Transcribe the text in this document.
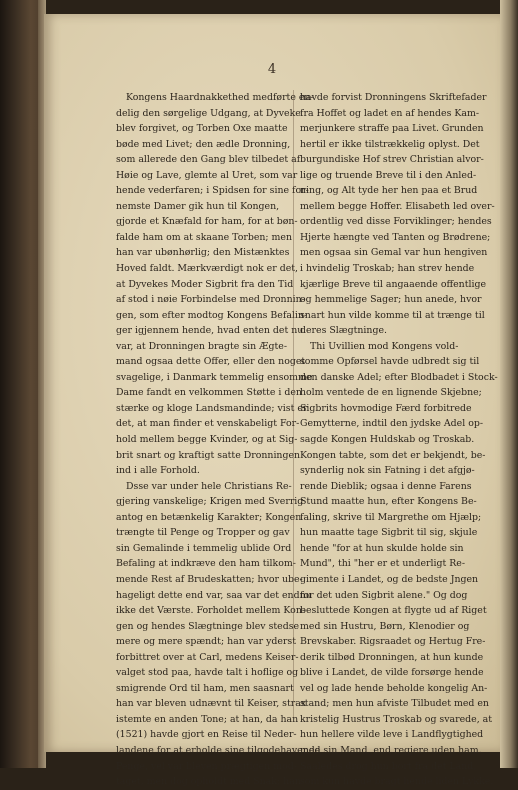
4
Kongens Haardnakkethed medførte en-
delig den sørgelige Udgang, at Dyveke
blev forgivet, og Torben Oxe maatte
bøde med Livet; den ædle Dronning,
som allerede den Gang blev tilbedet af
Høie og Lave, glemte al Uret, som var
hende vederfaren; i Spidsen for sine for-
nemste Damer gik hun til Kongen,
gjorde et Knæfald for ham, for at bøn-
falde ham om at skaane Torben; men
han var ubønhørlig; den Mistænktes
Hoved faldt. Mærkværdigt nok er det,
at Dyvekes Moder Sigbrit fra den Tid
af stod i nøie Forbindelse med Dronnin-
gen, som efter modtog Kongens Befalin-
ger igjennem hende, hvad enten det nu
var, at Dronningen bragte sin Ægte-
mand ogsaa dette Offer, eller den noget
svagelige, i Danmark temmelig ensomme
Dame fandt en velkommen Støtte i den
stærke og kloge Landsmandinde; vist er
det, at man finder et venskabeligt For-
hold mellem begge Kvinder, og at Sig-
brit snart og kraftigt satte Dronningen
ind i alle Forhold.
Dsse var under hele Christians Re-
gjering vanskelige; Krigen med Sverrig
antog en betænkelig Karakter; Kongen
trængte til Penge og Tropper og gav
sin Gemalinde i temmelig ublide Ord
Befaling at indkræve den ham tilkom-
mende Rest af Brudeskatten; hvor ube-
hageligt dette end var, saa var det endnu
ikke det Værste. Forholdet mellem Kon-
gen og hendes Slægtninge blev stedse
mere og mere spændt; han var yderst
forbittret over at Carl, medens Keiser-
valget stod paa, havde talt i hoflige og
smigrende Ord til ham, men saasnart
han var bleven udnævnt til Keiser, strax
istemte en anden Tone; at han, da han
(1521) havde gjort en Reise til Neder-
landene for at erholde sine tilgodehavende
Penge, vel var bleven prægtigen mod-
taget, men dog opholdt med Snak; han
havde forvist Dronningens Skriftefader
fra Hoffet og ladet en af hendes Kam-
merjunkere straffe paa Livet. Grunden
hertil er ikke tilstrækkelig oplyst. Det
burgundiske Hof strev Christian alvor-
lige og truende Breve til i den Anled-
ning, og Alt tyde her hen paa et Brud
mellem begge Hoffer. Elisabeth led over-
ordentlig ved disse Forviklinger; hendes
Hjerte hængte ved Tanten og Brødrene;
men ogsaa sin Gemal var hun hengiven
i hvindelig Troskab; han strev hende
kjærlige Breve til angaaende offentlige
og hemmelige Sager; hun anede, hvor
snart hun vilde komme til at trænge til
deres Slægtninge.
Thi Uvillien mod Kongens vold-
somme Opførsel havde udbredt sig til
den danske Adel; efter Blodbadet i Stock-
holm ventede de en lignende Skjebne;
Sigbrits hovmodige Færd forbitrede
Gemytterne, indtil den jydske Adel op-
sagde Kongen Huldskab og Troskab.
Kongen tabte, som det er bekjendt, be-
synderlig nok sin Fatning i det afgjø-
rende Dieblik; ogsaa i denne Farens
Stund maatte hun, efter Kongens Be-
faling, skrive til Margrethe om Hjælp;
hun maatte tage Sigbrit til sig, skjule
hende "for at hun skulde holde sin
Mund", thi "her er et underligt Re-
gimente i Landet, og de bedste Jngen
for det uden Sigbrit alene." Og dog
besluttede Kongen at flygte ud af Riget
med sin Hustru, Børn, Klenodier og
Brevskaber. Rigsraadet og Hertug Fre-
derik tilbød Dronningen, at hun kunde
blive i Landet, de vilde forsørge hende
vel og lade hende beholde kongelig An-
stand; men hun afviste Tilbudet med en
kristelig Hustrus Troskab og svarede, at
hun hellere vilde leve i Landflygtighed
med sin Mand, end regjere uden ham.
Saaledes drog hun bort fra det Land,
som kun havde bragt hende liden Lykke.
